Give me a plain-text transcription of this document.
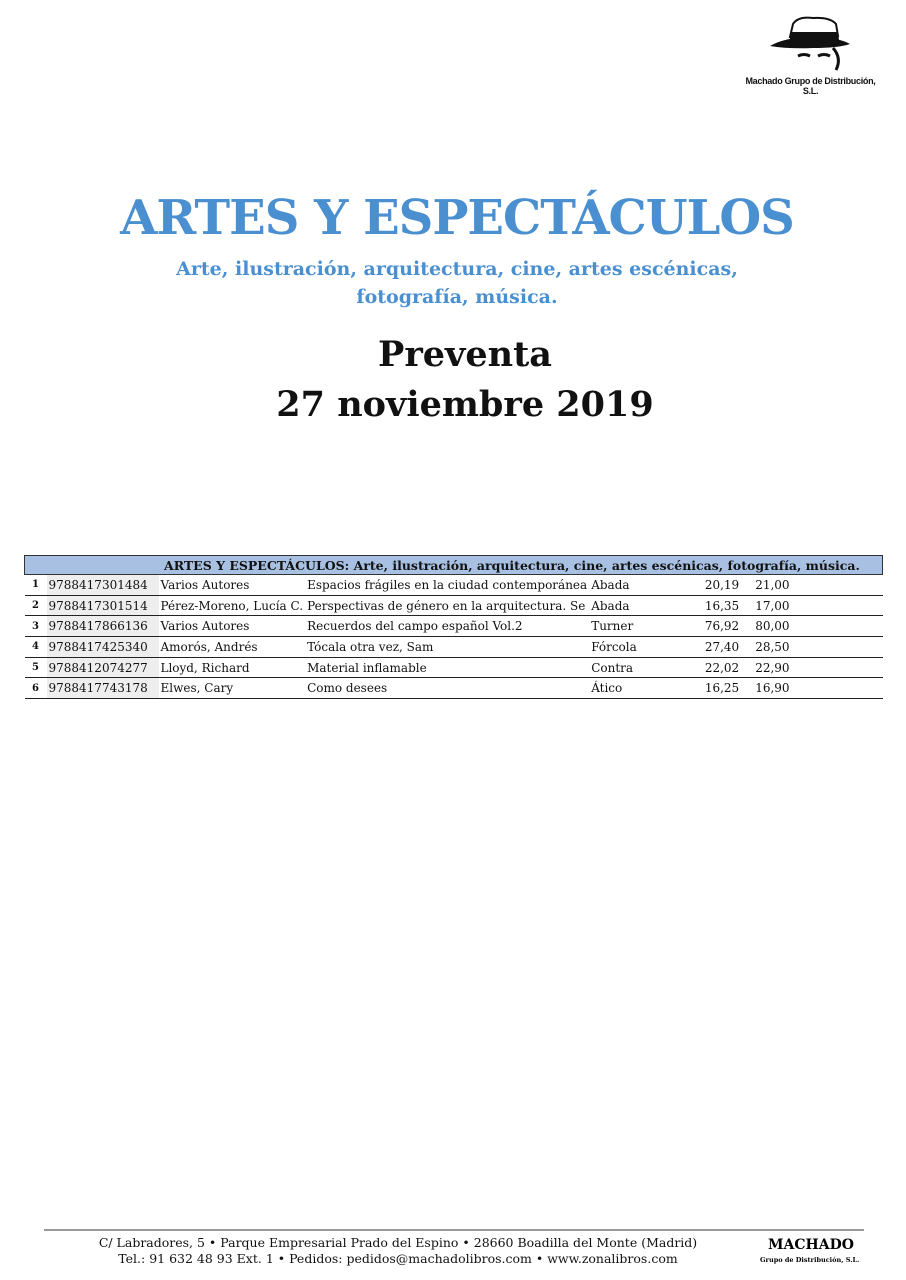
Machado Grupo de Distribución, S.L.
ARTES Y ESPECTÁCULOS
Arte, ilustración, arquitectura, cine, artes escénicas,
fotografía, música.
Preventa
27 noviembre 2019
ARTES Y ESPECTÁCULOS: Arte, ilustración, arquitectura, cine, artes escénicas, fotografía, música.						
1	9788417301484	Varios Autores	Espacios frágiles en la ciudad contemporánea	Abada	20,19	21,00
2	9788417301514	Pérez-Moreno, Lucía C.	Perspectivas de género en la arquitectura. Se	Abada	16,35	17,00
3	9788417866136	Varios Autores	Recuerdos del campo español Vol.2	Turner	76,92	80,00
4	9788417425340	Amorós, Andrés	Tócala otra vez, Sam	Fórcola	27,40	28,50
5	9788412074277	Lloyd, Richard	Material inflamable	Contra	22,02	22,90
6	9788417743178	Elwes, Cary	Como desees	Ático	16,25	16,90
C/ Labradores, 5 • Parque Empresarial Prado del Espino • 28660 Boadilla del Monte (Madrid)
Tel.: 91 632 48 93 Ext. 1 • Pedidos: pedidos@machadolibros.com • www.zonalibros.com
MACHADO
Grupo de Distribución, S.L.
